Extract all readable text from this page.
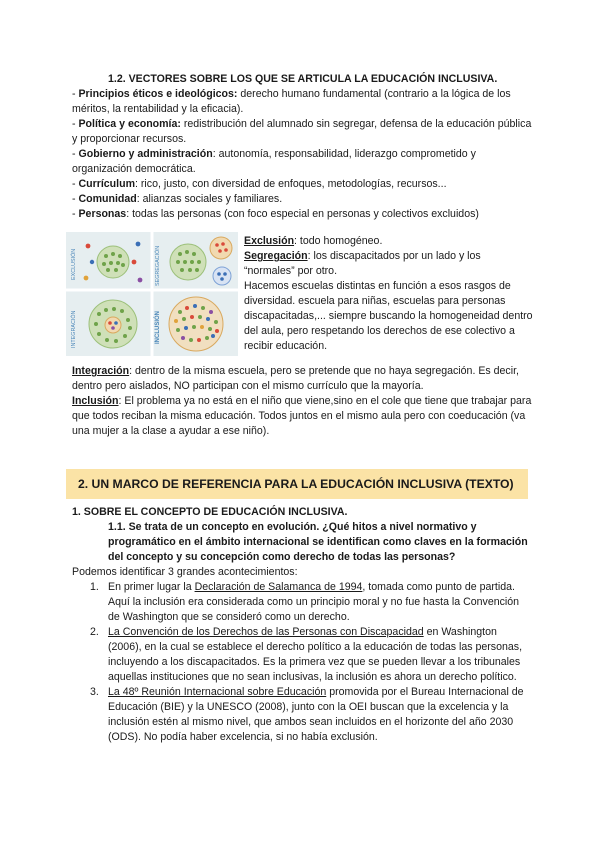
1.2. VECTORES SOBRE LOS QUE SE ARTICULA LA EDUCACIÓN INCLUSIVA.
- Principios éticos e ideológicos: derecho humano fundamental (contrario a la lógica de los méritos, la rentabilidad y la eficacia).
- Política y economía: redistribución del alumnado sin segregar, defensa de la educación pública y proporcionar recursos.
- Gobierno y administración: autonomía, responsabilidad, liderazgo comprometido y organización democrática.
- Currículum: rico, justo, con diversidad de enfoques, metodologías, recursos...
- Comunidad: alianzas sociales y familiares.
- Personas: todas las personas (con foco especial en personas y colectivos excluidos)
EXCLUSIÓN	SEGREGACIÓN
INTEGRACIÓN	INCLUSIÓN

Exclusión: todo homogéneo.

Segregación: los discapacitados por un lado y los “normales” por otro.

Hacemos escuelas distintas en función a esos rasgos de diversidad. escuela para niñas, escuelas para personas discapacitadas,... siempre buscando la homogeneidad dentro del aula, pero respetando los derechos de ese colectivo a recibir educación.

Integración: dentro de la misma escuela, pero se pretende que no haya segregación. Es decir, dentro pero aislados, NO participan con el mismo currículo que la mayoría.

Inclusión: El problema ya no está en el niño que viene,sino en el cole que tiene que trabajar para que todos reciban la misma educación. Todos juntos en el mismo aula pero con coeducación (va una mujer a la clase a ayudar a ese niño).

2. UN MARCO DE REFERENCIA PARA LA EDUCACIÓN INCLUSIVA (TEXTO)

1. SOBRE EL CONCEPTO DE EDUCACIÓN INCLUSIVA.

1.1. Se trata de un concepto en evolución. ¿Qué hitos a nivel normativo y programático en el ámbito internacional se identifican como claves en la formación del concepto y su concepción como derecho de todas las personas?

Podemos identificar 3 grandes acontecimientos:

1. En primer lugar la Declaración de Salamanca de 1994, tomada como punto de partida. Aquí la inclusión era considerada como un principio moral y no fue hasta la Convención de Washington que se consideró como un derecho.
2. La Convención de los Derechos de las Personas con Discapacidad en Washington (2006), en la cual se establece el derecho político a la educación de todas las personas, incluyendo a los discapacitados. Es la primera vez que se pueden llevar a los tribunales aquellas instituciones que no sean inclusivas, la inclusión es ahora un derecho político.
3. La 48º Reunión Internacional sobre Educación promovida por el Bureau Internacional de Educación (BIE) y la UNESCO (2008), junto con la OEI buscan que la excelencia y la inclusión estén al mismo nivel, que ambos sean incluidos en el horizonte del año 2030 (ODS). No podía haber excelencia, si no había exclusión.
